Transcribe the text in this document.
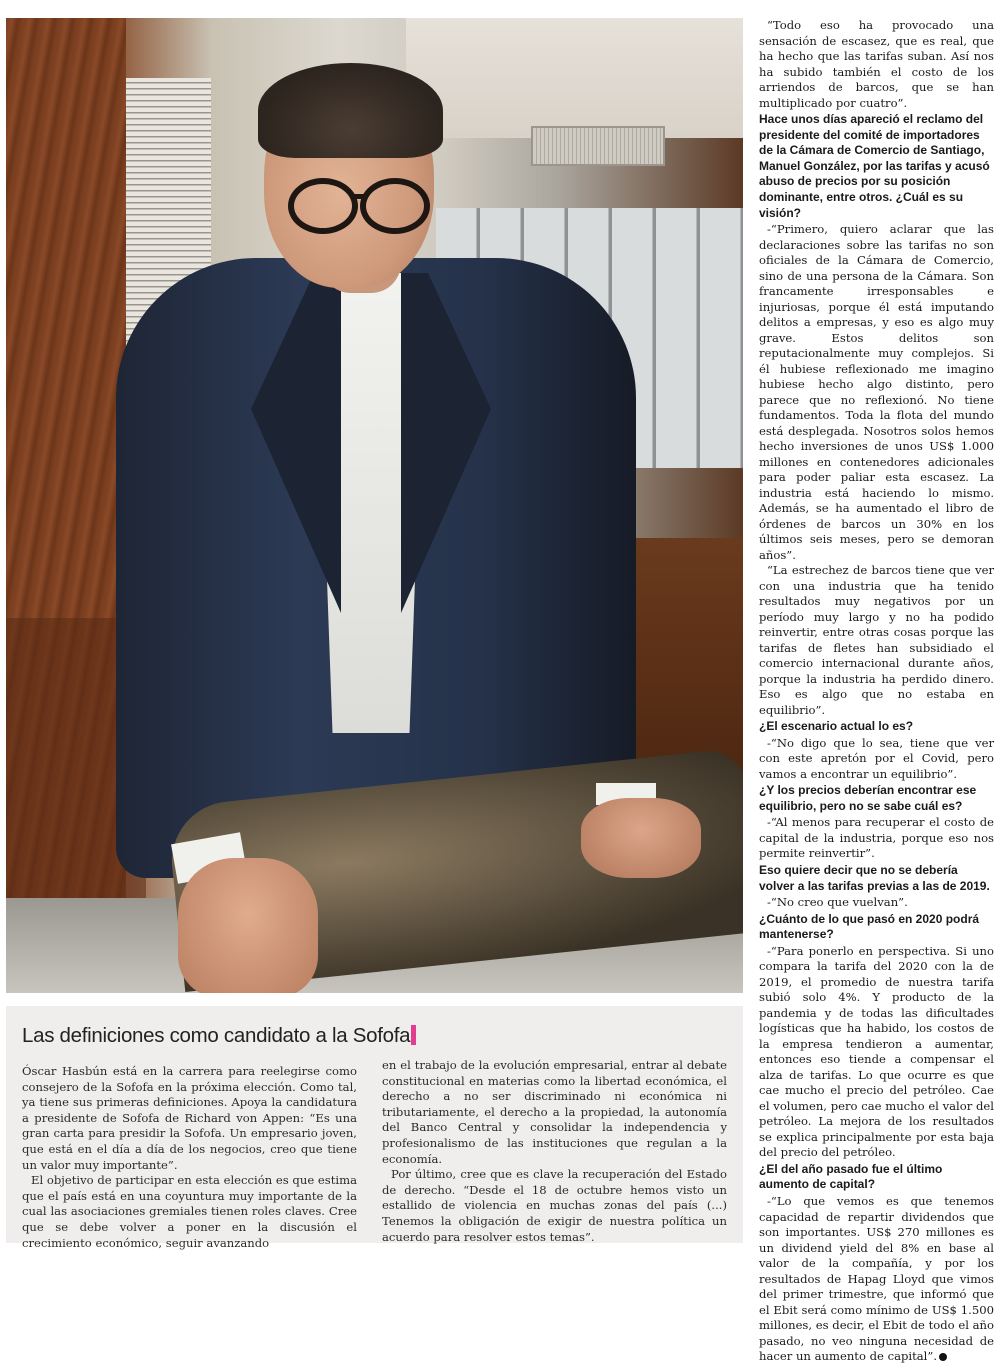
“Todo eso ha provocado una sensación de escasez, que es real, que ha hecho que las tarifas suban. Así nos ha subido también el costo de los arriendos de barcos, que se han multiplicado por cuatro”.

Hace unos días apareció el reclamo del presidente del comité de importadores de la Cámara de Comercio de Santiago, Manuel González, por las tarifas y acusó abuso de precios por su posición dominante, entre otros. ¿Cuál es su visión?

-“Primero, quiero aclarar que las declaraciones sobre las tarifas no son oficiales de la Cámara de Comercio, sino de una persona de la Cámara. Son francamente irresponsables e injuriosas, porque él está imputando delitos a empresas, y eso es algo muy grave. Estos delitos son reputacionalmente muy complejos. Si él hubiese reflexionado me imagino hubiese hecho algo distinto, pero parece que no reflexionó. No tiene fundamentos. Toda la flota del mundo está desplegada. Nosotros solos hemos hecho inversiones de unos US$ 1.000 millones en contenedores adicionales para poder paliar esta escasez. La industria está haciendo lo mismo. Además, se ha aumentado el libro de órdenes de barcos un 30% en los últimos seis meses, pero se demoran años”.

“La estrechez de barcos tiene que ver con una industria que ha tenido resultados muy negativos por un período muy largo y no ha podido reinvertir, entre otras cosas porque las tarifas de fletes han subsidiado el comercio internacional durante años, porque la industria ha perdido dinero. Eso es algo que no estaba en equilibrio”.

¿El escenario actual lo es?

-“No digo que lo sea, tiene que ver con este apretón por el Covid, pero vamos a encontrar un equilibrio”.

¿Y los precios deberían encontrar ese equilibrio, pero no se sabe cuál es?

-“Al menos para recuperar el costo de capital de la industria, porque eso nos permite reinvertir”.

Eso quiere decir que no se debería volver a las tarifas previas a las de 2019.

-“No creo que vuelvan”.

¿Cuánto de lo que pasó en 2020 podrá mantenerse?

-“Para ponerlo en perspectiva. Si uno compara la tarifa del 2020 con la de 2019, el promedio de nuestra tarifa subió solo 4%. Y producto de la pandemia y de todas las dificultades logísticas que ha habido, los costos de la empresa tendieron a aumentar, entonces eso tiende a compensar el alza de tarifas. Lo que ocurre es que cae mucho el precio del petróleo. Cae el volumen, pero cae mucho el valor del petróleo. La mejora de los resultados se explica principalmente por esta baja del precio del petróleo.

¿El del año pasado fue el último aumento de capital?

-“Lo que vemos es que tenemos capacidad de repartir dividendos que son importantes. US$ 270 millones es un dividend yield del 8% en base al valor de la compañía, y por los resultados de Hapag Lloyd que vimos del primer trimestre, que informó que el Ebit será como mínimo de US$ 1.500 millones, es decir, el Ebit de todo el año pasado, no veo ninguna necesidad de hacer un aumento de capital”.

Las definiciones como candidato a la Sofofa

Óscar Hasbún está en la carrera para reelegirse como consejero de la Sofofa en la próxima elección. Como tal, ya tiene sus primeras definiciones. Apoya la candidatura a presidente de Sofofa de Richard von Appen: “Es una gran carta para presidir la Sofofa. Un empresario joven, que está en el día a día de los negocios, creo que tiene un valor muy importante”.

El objetivo de participar en esta elección es que estima que el país está en una coyuntura muy importante de la cual las asociaciones gremiales tienen roles claves. Cree que se debe volver a poner en la discusión el crecimiento económico, seguir avanzando

en el trabajo de la evolución empresarial, entrar al debate constitucional en materias como la libertad económica, el derecho a no ser discriminado ni económica ni tributariamente, el derecho a la propiedad, la autonomía del Banco Central y consolidar la independencia y profesionalismo de las instituciones que regulan a la economía.

Por último, cree que es clave la recuperación del Estado de derecho. “Desde el 18 de octubre hemos visto un estallido de violencia en muchas zonas del país (...) Tenemos la obligación de exigir de nuestra política un acuerdo para resolver estos temas”.
